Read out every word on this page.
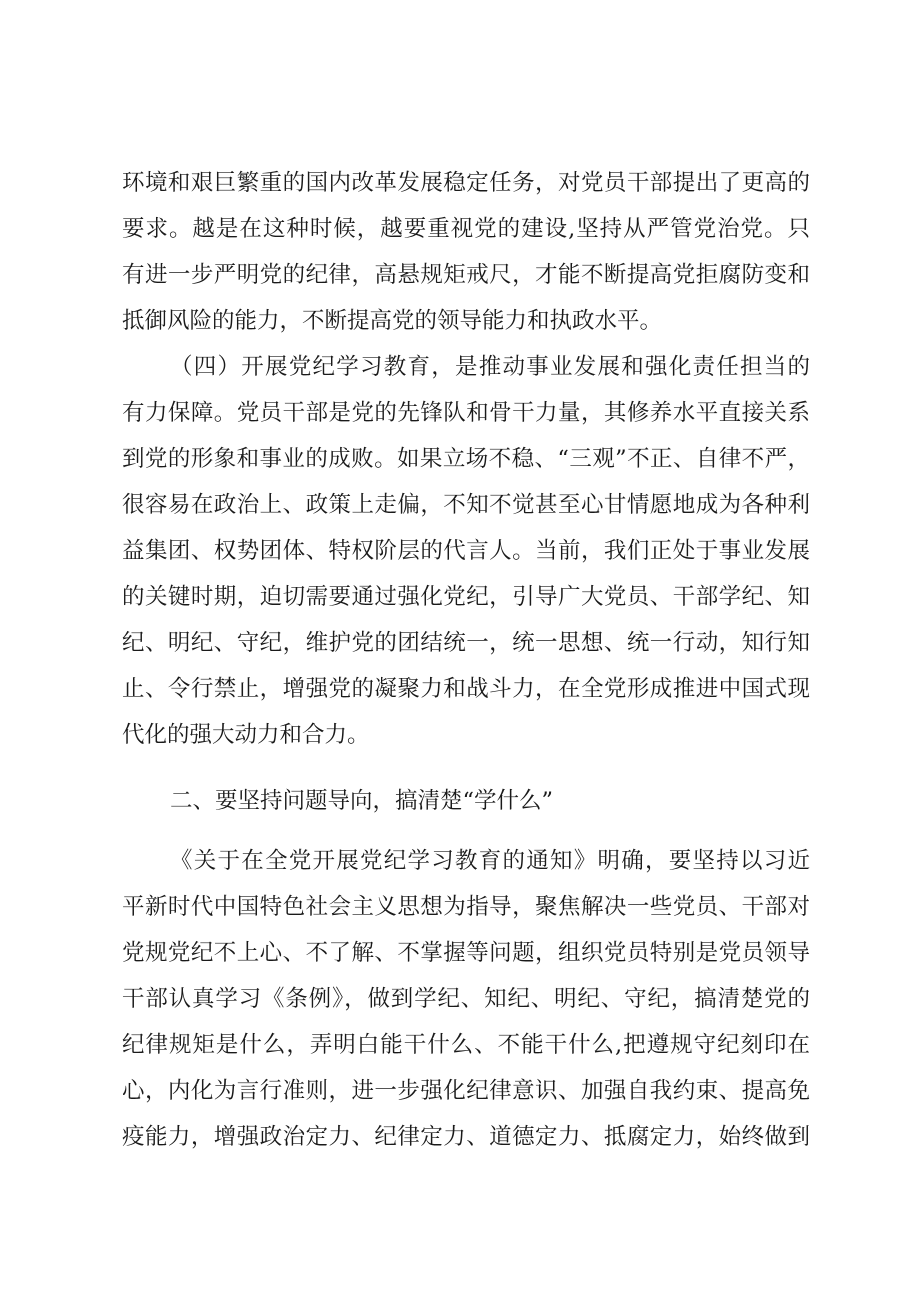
环境和艰巨繁重的国内改革发展稳定任务，对党员干部提出了更高的
要求。越是在这种时候，越要重视党的建设,坚持从严管党治党。只
有进一步严明党的纪律，高悬规矩戒尺，才能不断提高党拒腐防变和
抵御风险的能力，不断提高党的领导能力和执政水平。
（四）开展党纪学习教育，是推动事业发展和强化责任担当的
有力保障。党员干部是党的先锋队和骨干力量，其修养水平直接关系
到党的形象和事业的成败。如果立场不稳、“三观”不正、自律不严，
很容易在政治上、政策上走偏，不知不觉甚至心甘情愿地成为各种利
益集团、权势团体、特权阶层的代言人。当前，我们正处于事业发展
的关键时期，迫切需要通过强化党纪，引导广大党员、干部学纪、知
纪、明纪、守纪，维护党的团结统一，统一思想、统一行动，知行知
止、令行禁止，增强党的凝聚力和战斗力，在全党形成推进中国式现
代化的强大动力和合力。
二、要坚持问题导向，搞清楚“学什么”
《关于在全党开展党纪学习教育的通知》明确，要坚持以习近
平新时代中国特色社会主义思想为指导，聚焦解决一些党员、干部对
党规党纪不上心、不了解、不掌握等问题，组织党员特别是党员领导
干部认真学习《条例》，做到学纪、知纪、明纪、守纪，搞清楚党的
纪律规矩是什么，弄明白能干什么、不能干什么,把遵规守纪刻印在
心，内化为言行准则，进一步强化纪律意识、加强自我约束、提高免
疫能力，增强政治定力、纪律定力、道德定力、抵腐定力，始终做到
